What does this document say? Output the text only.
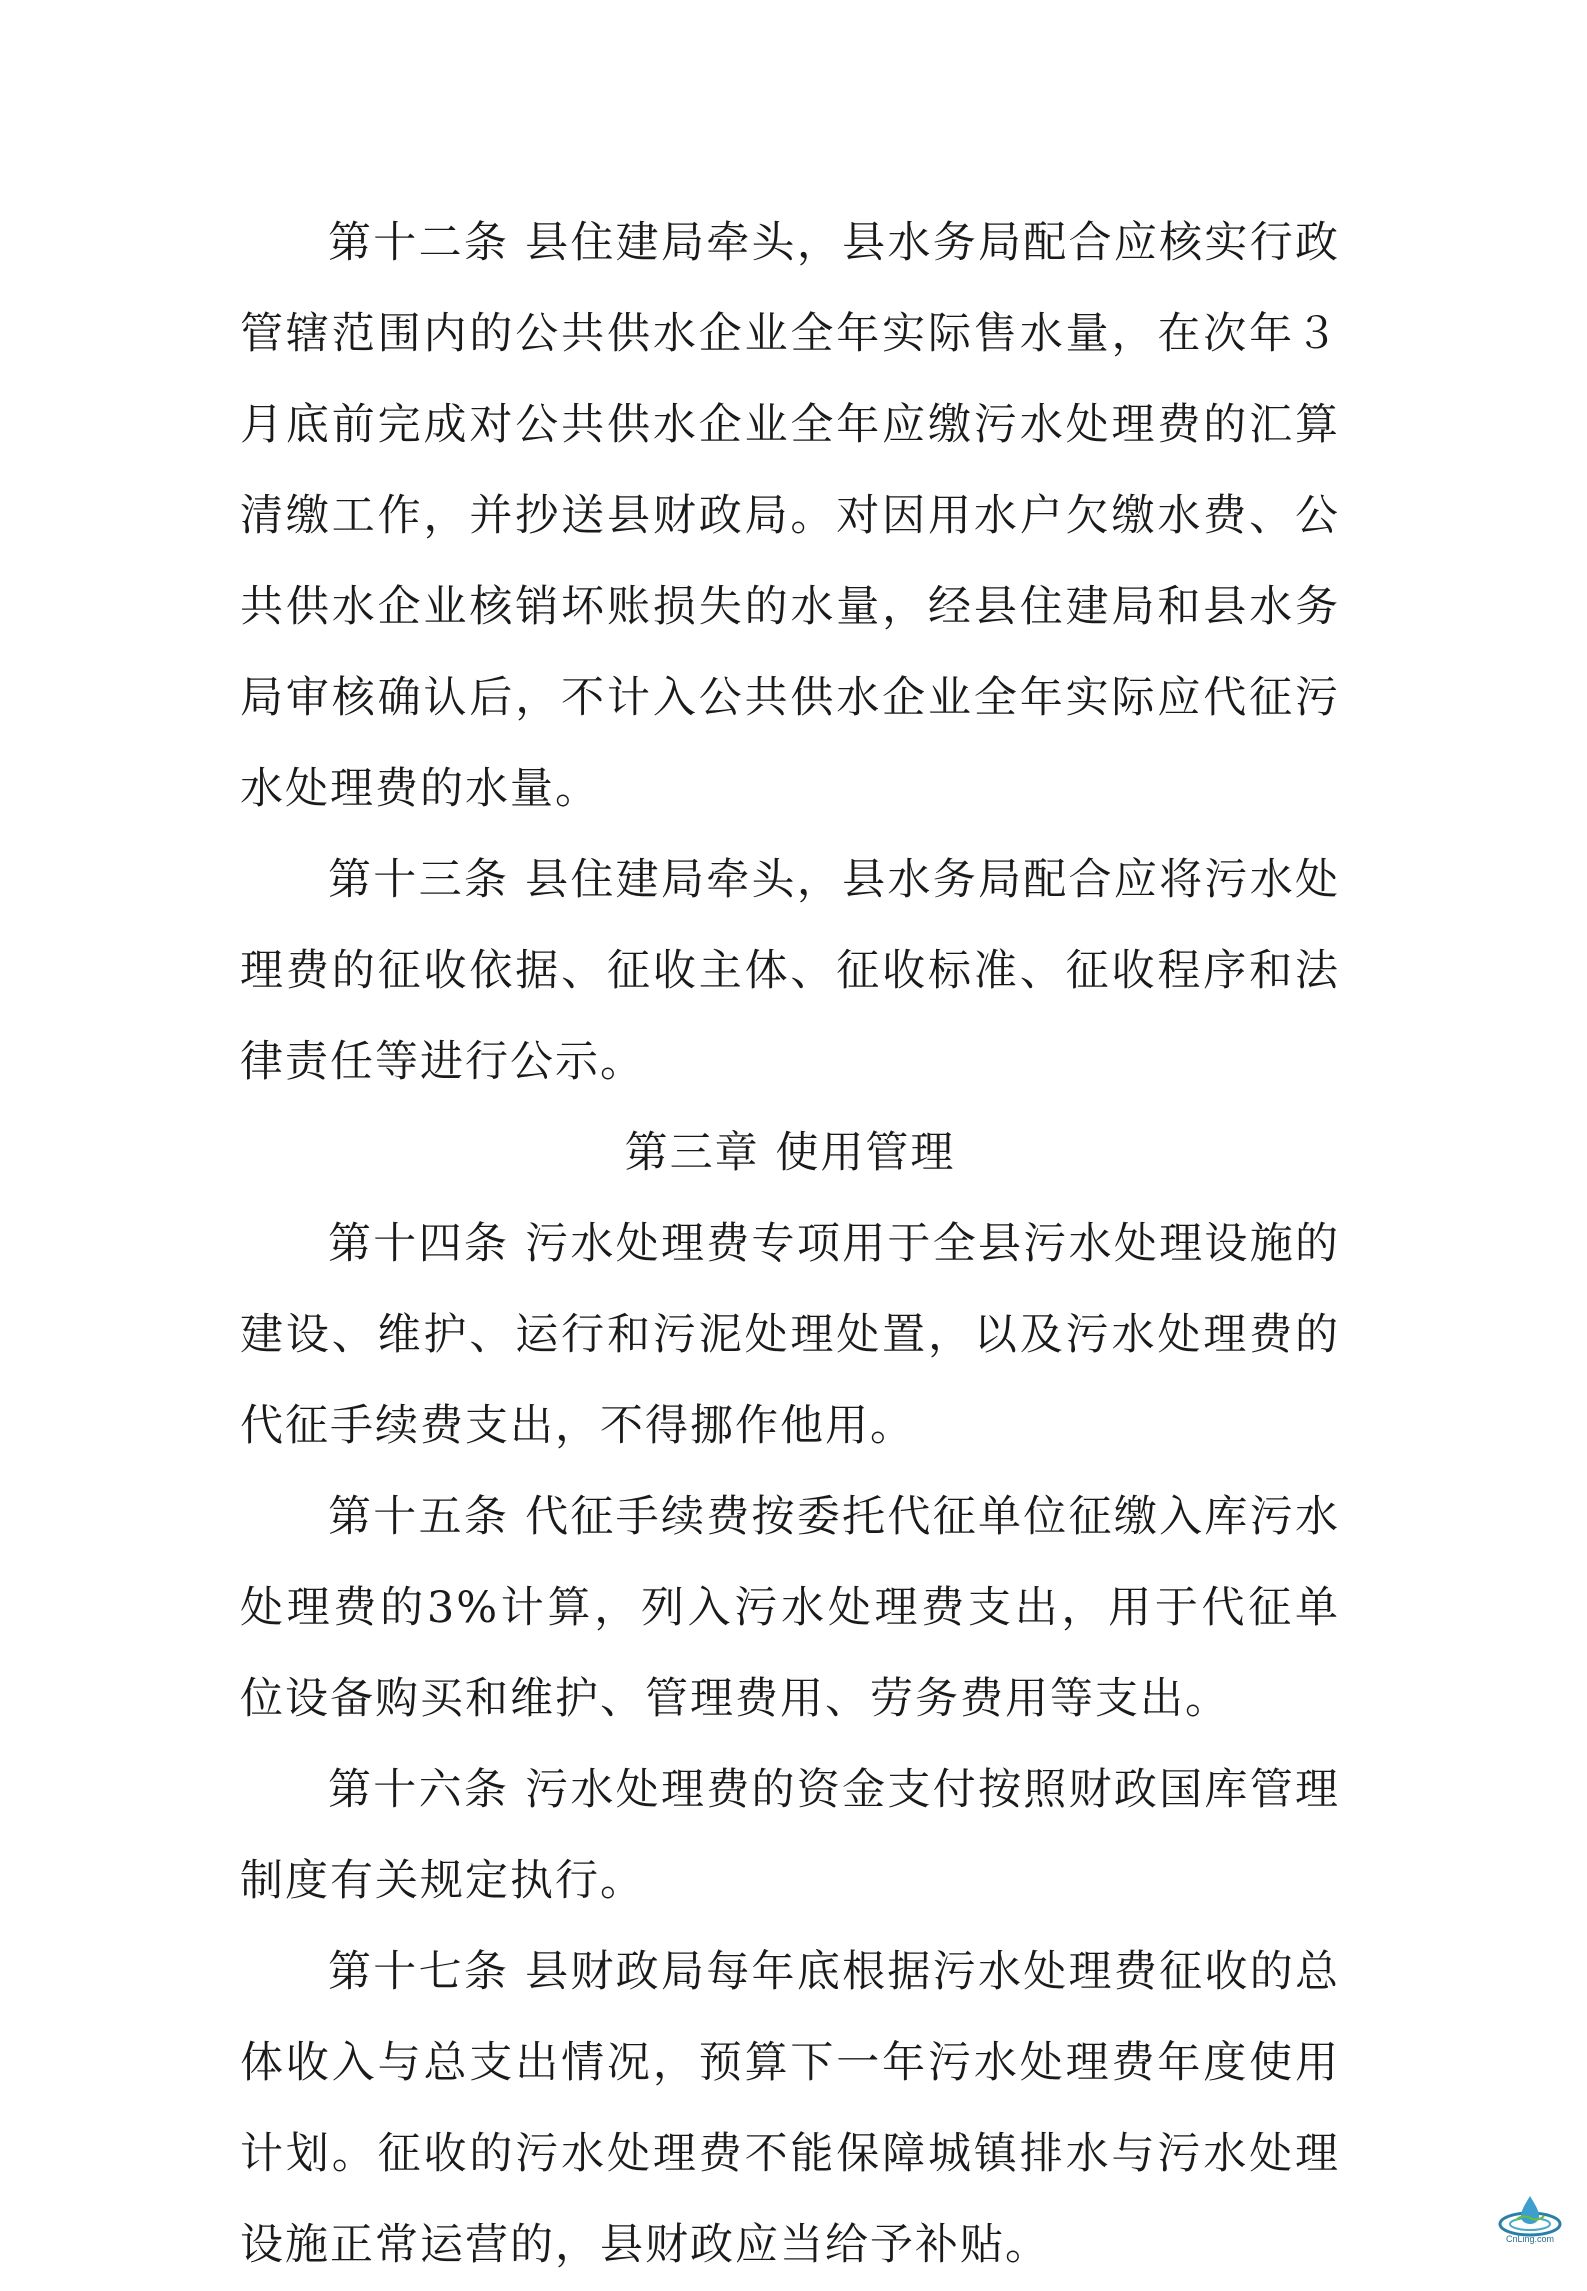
第十二条 县住建局牵头，县水务局配合应核实行政管辖范围内的公共供水企业全年实际售水量，在次年３月底前完成对公共供水企业全年应缴污水处理费的汇算清缴工作，并抄送县财政局。对因用水户欠缴水费、公共供水企业核销坏账损失的水量，经县住建局和县水务局审核确认后，不计入公共供水企业全年实际应代征污水处理费的水量。

第十三条 县住建局牵头，县水务局配合应将污水处理费的征收依据、征收主体、征收标准、征收程序和法律责任等进行公示。

第三章 使用管理

第十四条 污水处理费专项用于全县污水处理设施的建设、维护、运行和污泥处理处置，以及污水处理费的代征手续费支出，不得挪作他用。

第十五条 代征手续费按委托代征单位征缴入库污水处理费的3%计算，列入污水处理费支出，用于代征单位设备购买和维护、管理费用、劳务费用等支出。

第十六条 污水处理费的资金支付按照财政国库管理制度有关规定执行。

第十七条 县财政局每年底根据污水处理费征收的总体收入与总支出情况，预算下一年污水处理费年度使用计划。征收的污水处理费不能保障城镇排水与污水处理设施正常运营的，县财政应当给予补贴。	CnLing.com
